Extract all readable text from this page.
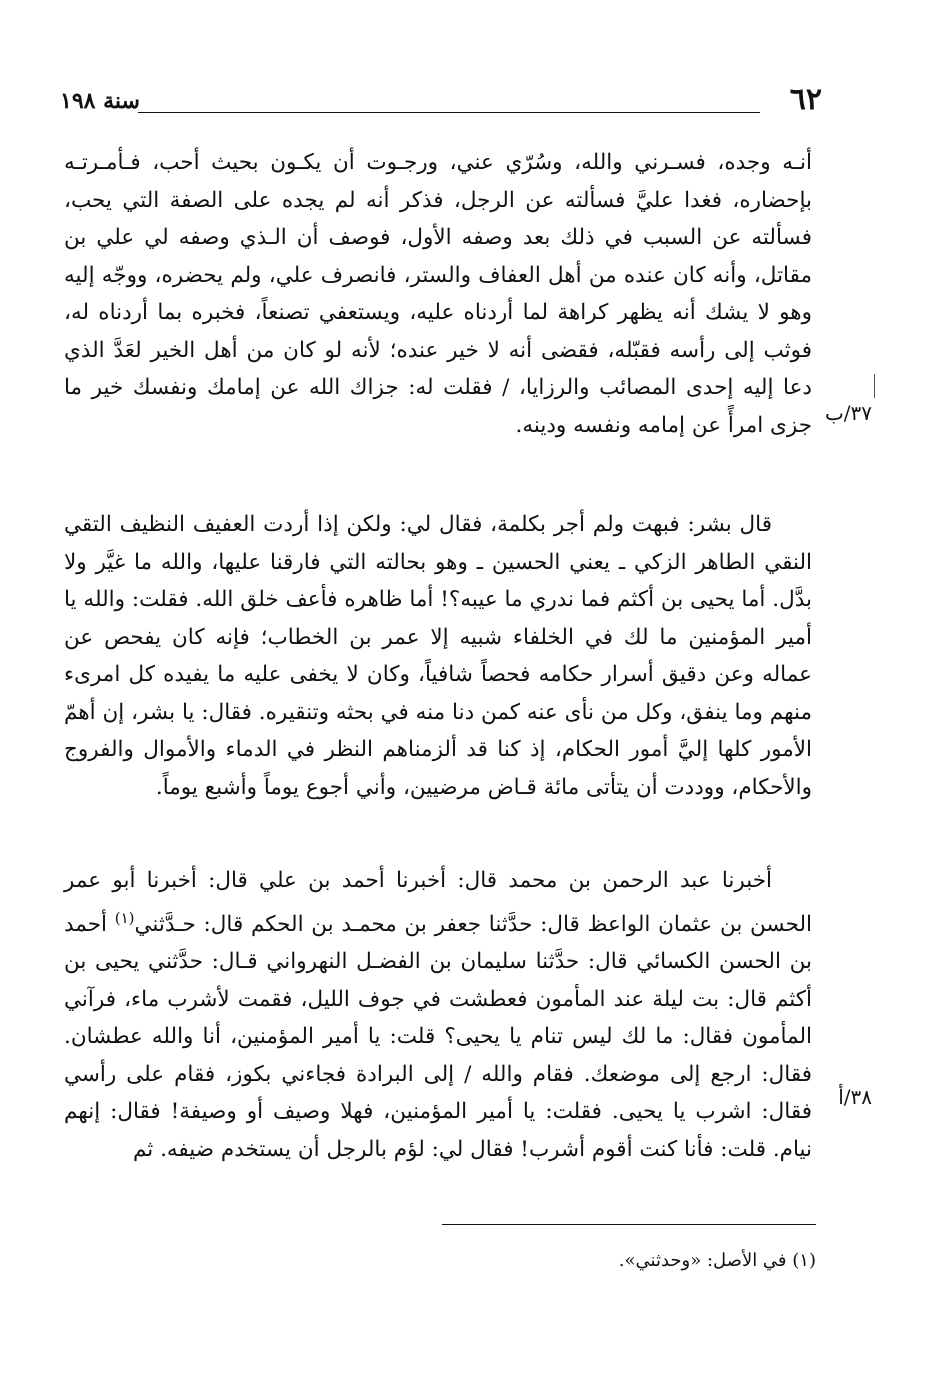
٦٢
سنة ١٩٨

أنـه وجده، فسـرني والله، وسُرّي عني، ورجـوت أن يكـون بحيث أحب، فـأمـرتـه بإحضاره، فغدا عليَّ فسألته عن الرجل، فذكر أنه لم يجده على الصفة التي يحب، فسألته عن السبب في ذلك بعد وصفه الأول، فوصف أن الـذي وصفه لي علي بن مقاتل، وأنه كان عنده من أهل العفاف والستر، فانصرف علي، ولم يحضره، ووجّه إليه وهو لا يشك أنه يظهر كراهة لما أردناه عليه، ويستعفي تصنعاً، فخبره بما أردناه له، فوثب إلى رأسه فقبّله، فقضى أنه لا خير عنده؛ لأنه لو كان من أهل الخير لعَدَّ الذي دعا إليه إحدى المصائب والرزايا، / فقلت له: جزاك الله عن إمامك ونفسك خير ما جزى امرأً عن إمامه ونفسه ودينه. ٣٧/ب

قال بشر: فبهت ولم أجر بكلمة، فقال لي: ولكن إذا أردت العفيف النظيف التقي النقي الطاهر الزكي ـ يعني الحسين ـ وهو بحالته التي فارقنا عليها، والله ما غيَّر ولا بدَّل. أما يحيى بن أكثم فما ندري ما عيبه؟! أما ظاهره فأعف خلق الله. فقلت: والله يا أمير المؤمنين ما لك في الخلفاء شبيه إلا عمر بن الخطاب؛ فإنه كان يفحص عن عماله وعن دقيق أسرار حكامه فحصاً شافياً، وكان لا يخفى عليه ما يفيده كل امرىء منهم وما ينفق، وكل من نأى عنه كمن دنا منه في بحثه وتنقيره. فقال: يا بشر، إن أهمّ الأمور كلها إليَّ أمور الحكام، إذ كنا قد ألزمناهم النظر في الدماء والأموال والفروج والأحكام، ووددت أن يتأتى مائة قـاض مرضيين، وأني أجوع يوماً وأشبع يوماً.

أخبرنا عبد الرحمن بن محمد قال: أخبرنا أحمد بن علي قال: أخبرنا أبو عمر الحسن بن عثمان الواعظ قال: حدَّثنا جعفر بن محمـد بن الحكم قال: حـدَّثني$^{(١)}$ أحمد بن الحسن الكسائي قال: حدَّثنا سليمان بن الفضـل النهرواني قـال: حدَّثني يحيى بن أكثم قال: بت ليلة عند المأمون فعطشت في جوف الليل، فقمت لأشرب ماء، فرآني المأمون فقال: ما لك ليس تنام يا يحيى؟ قلت: يا أمير المؤمنين، أنا والله عطشان. فقال: ارجع إلى موضعك. فقام والله / إلى البرادة فجاءني بكوز، فقام على رأسي فقال: اشرب يا يحيى. فقلت: يا أمير المؤمنين، فهلا وصيف أو وصيفة! فقال: إنهم نيام. قلت: فأنا كنت أقوم أشرب! فقال لي: لؤم بالرجل أن يستخدم ضيفه. ثم

٣٨/أ
(١) في الأصل: «وحدثني».
